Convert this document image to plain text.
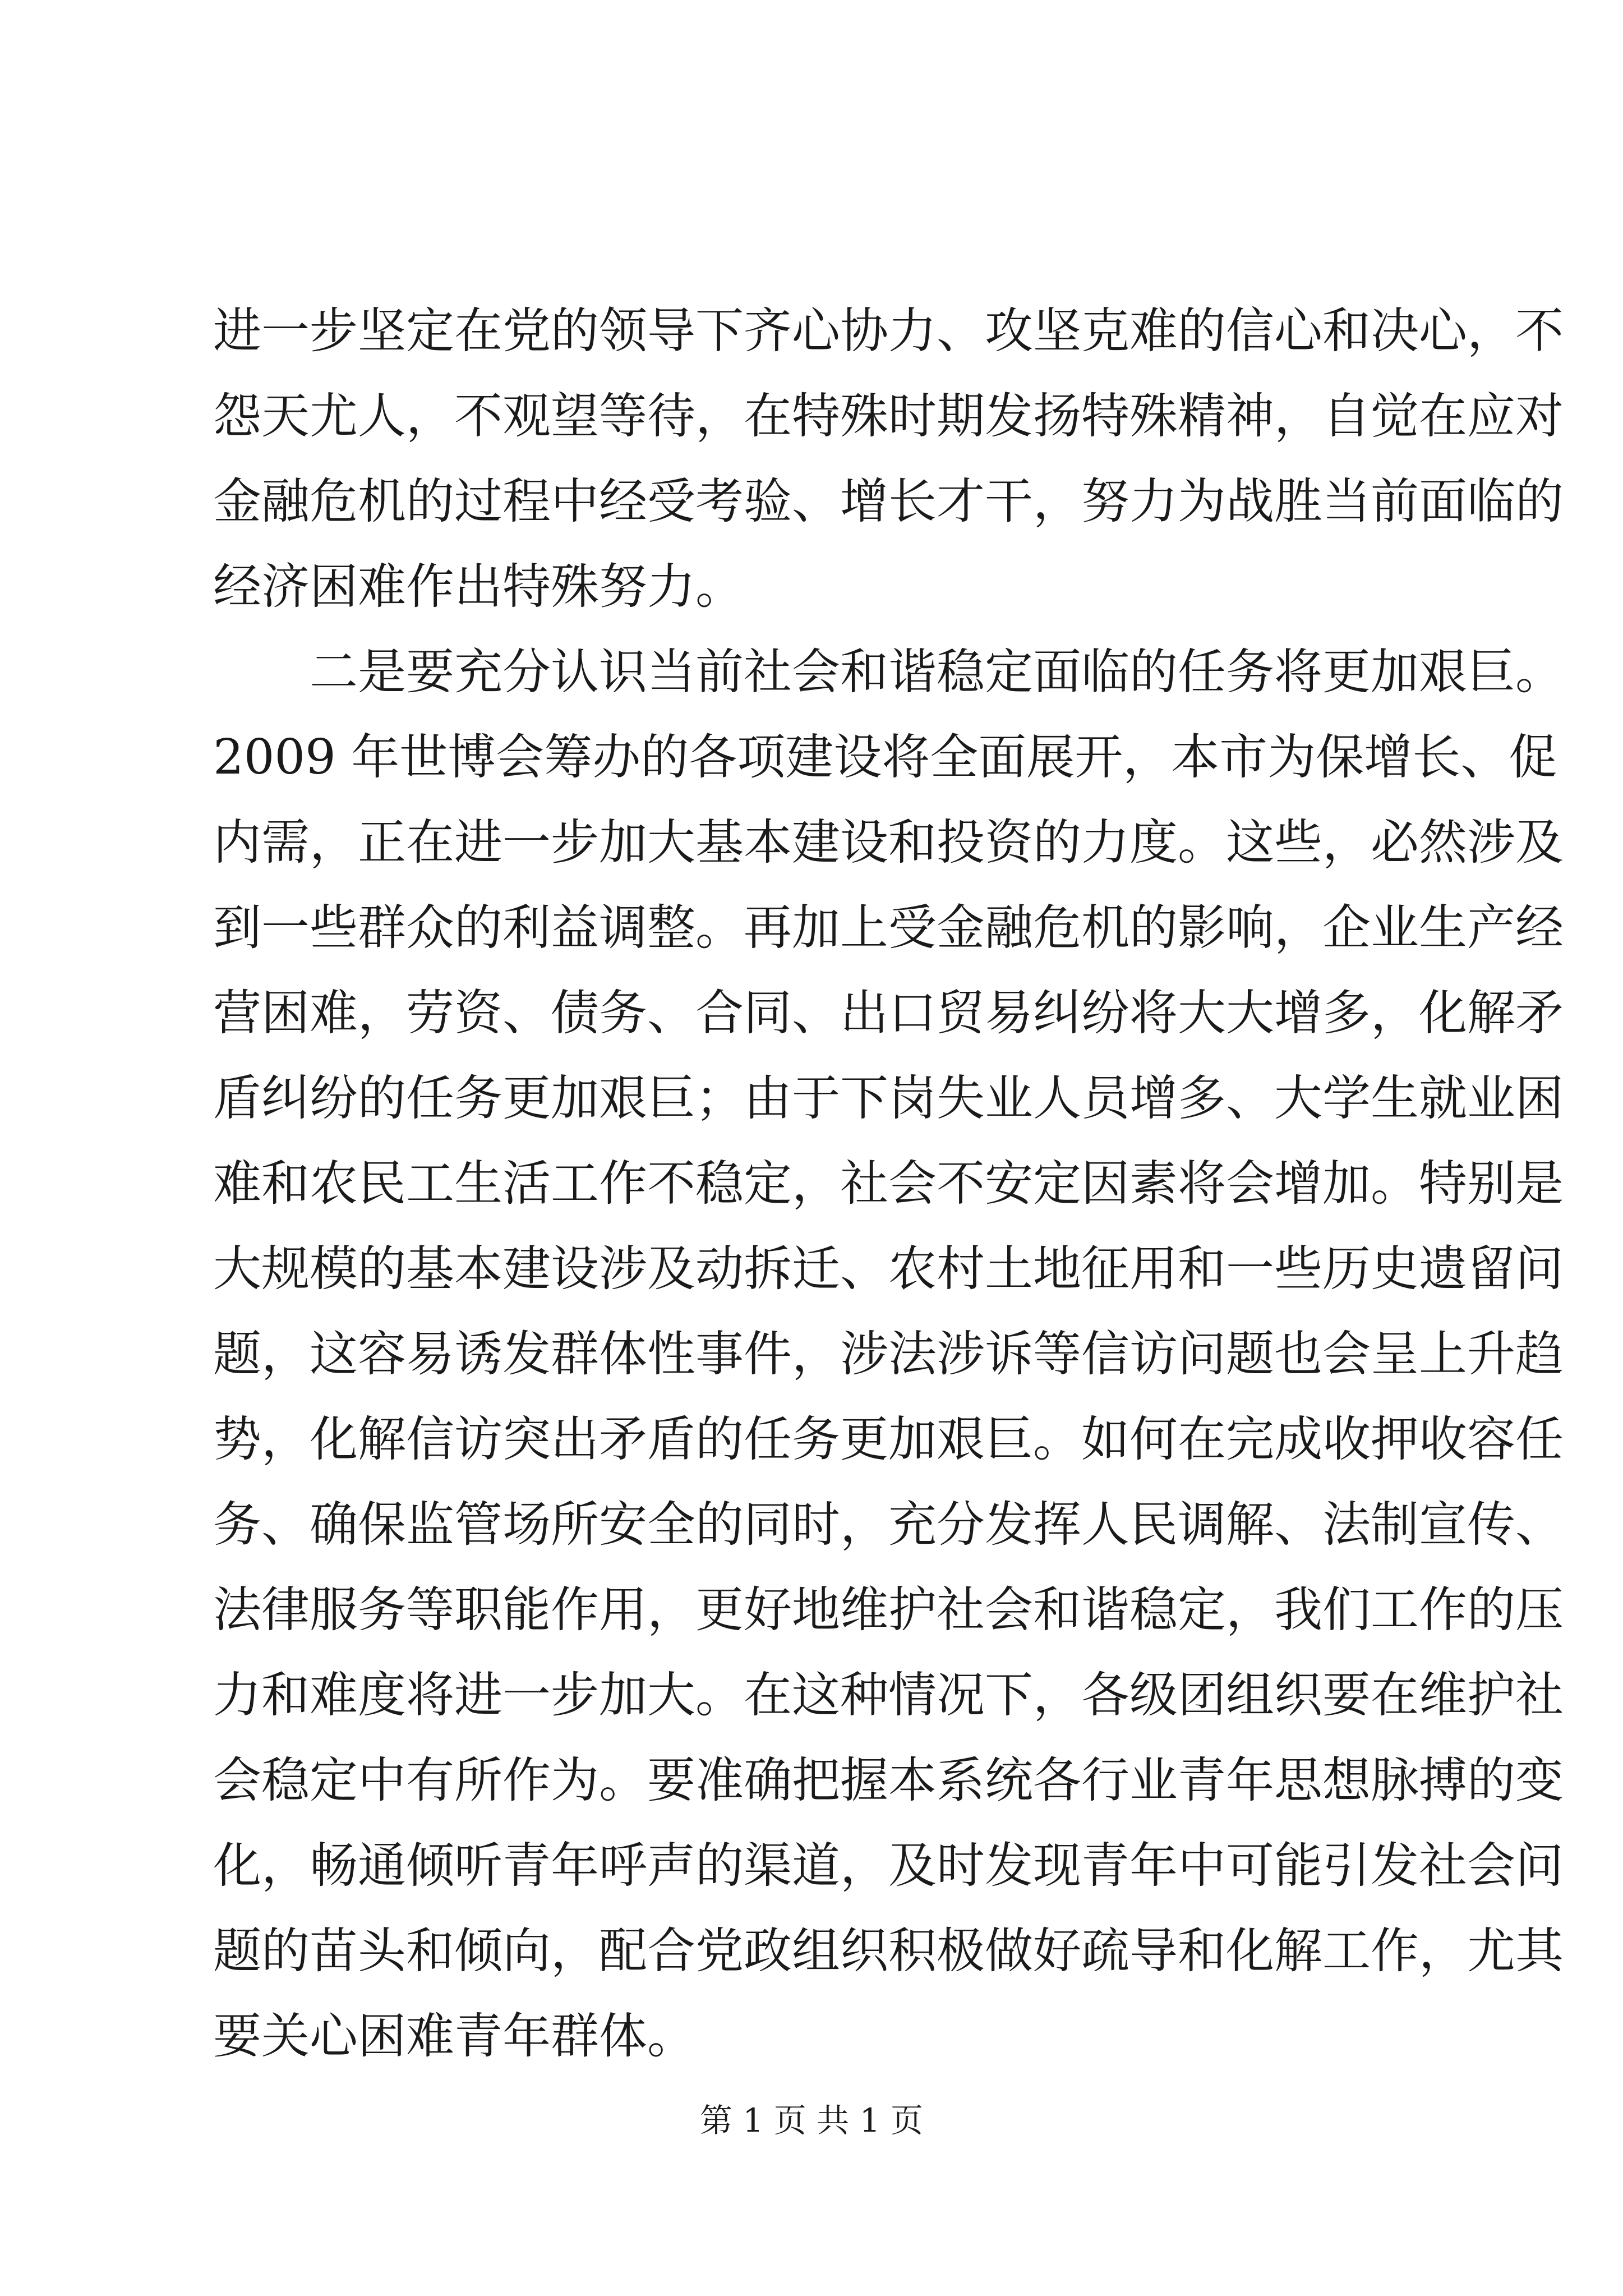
进一步坚定在党的领导下齐心协力、攻坚克难的信心和决心，不
怨天尤人，不观望等待，在特殊时期发扬特殊精神，自觉在应对
金融危机的过程中经受考验、增长才干，努力为战胜当前面临的
经济困难作出特殊努力。
　　二是要充分认识当前社会和谐稳定面临的任务将更加艰巨。
2009 年世博会筹办的各项建设将全面展开，本市为保增长、促
内需，正在进一步加大基本建设和投资的力度。这些，必然涉及
到一些群众的利益调整。再加上受金融危机的影响，企业生产经
营困难，劳资、债务、合同、出口贸易纠纷将大大增多，化解矛
盾纠纷的任务更加艰巨；由于下岗失业人员增多、大学生就业困
难和农民工生活工作不稳定，社会不安定因素将会增加。特别是
大规模的基本建设涉及动拆迁、农村土地征用和一些历史遗留问
题，这容易诱发群体性事件，涉法涉诉等信访问题也会呈上升趋
势，化解信访突出矛盾的任务更加艰巨。如何在完成收押收容任
务、确保监管场所安全的同时，充分发挥人民调解、法制宣传、
法律服务等职能作用，更好地维护社会和谐稳定，我们工作的压
力和难度将进一步加大。在这种情况下，各级团组织要在维护社
会稳定中有所作为。要准确把握本系统各行业青年思想脉搏的变
化，畅通倾听青年呼声的渠道，及时发现青年中可能引发社会问
题的苗头和倾向，配合党政组织积极做好疏导和化解工作，尤其
要关心困难青年群体。
第 1 页 共 1 页
